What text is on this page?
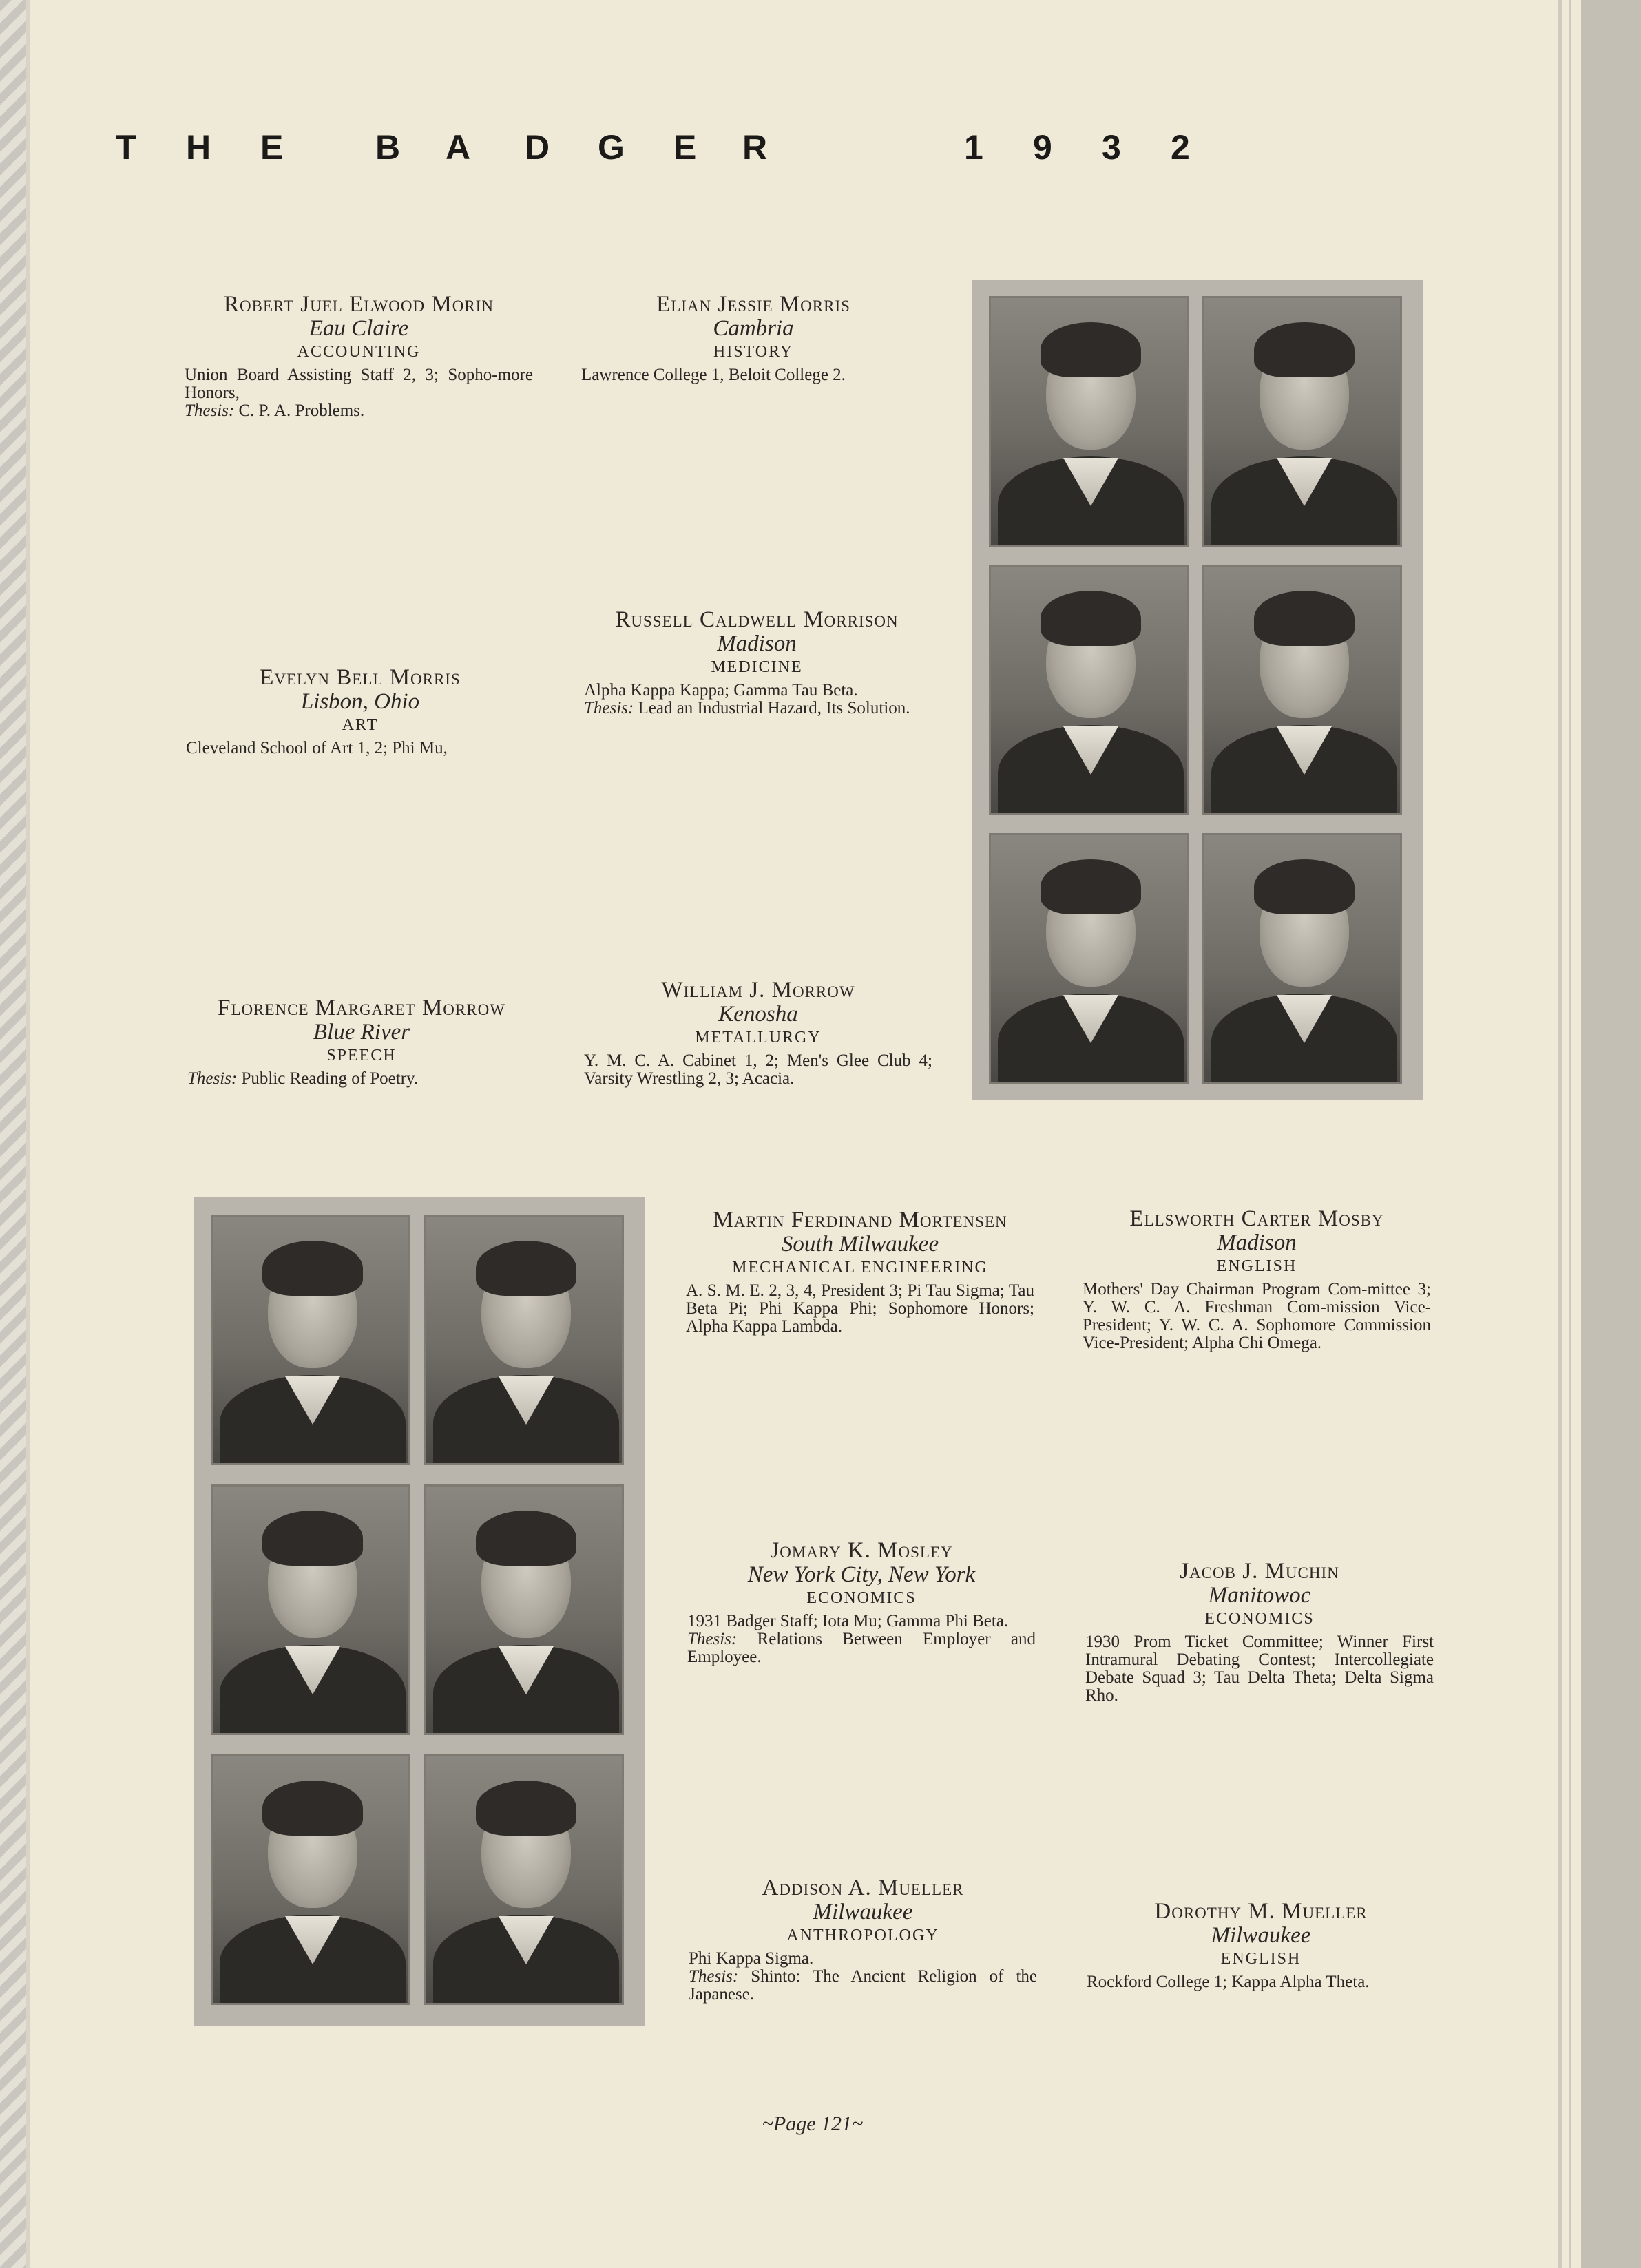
T H E	B A D G E R	1 9 3 2
Robert Juel Elwood Morin
Eau Claire
ACCOUNTING
Union Board Assisting Staff 2, 3; Sopho-more Honors,
Thesis: C. P. A. Problems.
Elian Jessie Morris
Cambria
HISTORY
Lawrence College 1, Beloit College 2.
Evelyn Bell Morris
Lisbon, Ohio
ART
Cleveland School of Art 1, 2; Phi Mu,
Russell Caldwell Morrison
Madison
MEDICINE
Alpha Kappa Kappa; Gamma Tau Beta.
Thesis: Lead an Industrial Hazard, Its Solution.
Florence Margaret Morrow
Blue River
SPEECH
Thesis: Public Reading of Poetry.
William J. Morrow
Kenosha
METALLURGY
Y. M. C. A. Cabinet 1, 2; Men's Glee Club 4; Varsity Wrestling 2, 3; Acacia.
Martin Ferdinand Mortensen
South Milwaukee
MECHANICAL ENGINEERING
A. S. M. E. 2, 3, 4, President 3; Pi Tau Sigma; Tau Beta Pi; Phi Kappa Phi; Sophomore Honors; Alpha Kappa Lambda.
Ellsworth Carter Mosby
Madison
ENGLISH
Mothers' Day Chairman Program Com-mittee 3; Y. W. C. A. Freshman Com-mission Vice-President; Y. W. C. A. Sophomore Commission Vice-President; Alpha Chi Omega.
Jomary K. Mosley
New York City, New York
ECONOMICS
1931 Badger Staff; Iota Mu; Gamma Phi Beta.
Thesis: Relations Between Employer and Employee.
Jacob J. Muchin
Manitowoc
ECONOMICS
1930 Prom Ticket Committee; Winner First Intramural Debating Contest; Intercollegiate Debate Squad 3; Tau Delta Theta; Delta Sigma Rho.
Addison A. Mueller
Milwaukee
ANTHROPOLOGY
Phi Kappa Sigma.
Thesis: Shinto: The Ancient Religion of the Japanese.
Dorothy M. Mueller
Milwaukee
ENGLISH
Rockford College 1; Kappa Alpha Theta.
~Page 121~
